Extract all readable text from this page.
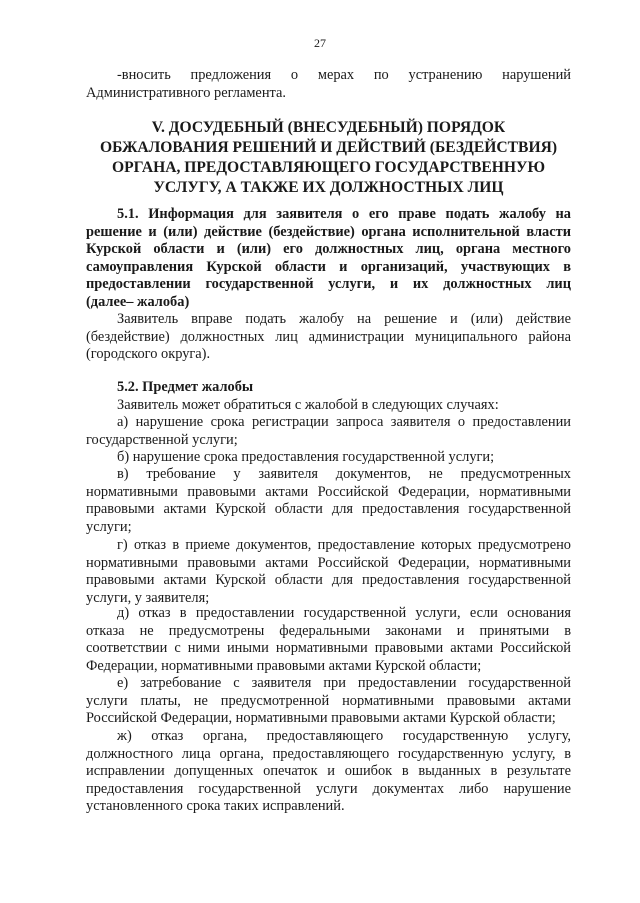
27
-вносить предложения о мерах по устранению нарушений
Административного регламента.
V. ДОСУДЕБНЫЙ (ВНЕСУДЕБНЫЙ) ПОРЯДОК
ОБЖАЛОВАНИЯ РЕШЕНИЙ И ДЕЙСТВИЙ (БЕЗДЕЙСТВИЯ)
ОРГАНА, ПРЕДОСТАВЛЯЮЩЕГО ГОСУДАРСТВЕННУЮ
УСЛУГУ, А ТАКЖЕ ИХ ДОЛЖНОСТНЫХ ЛИЦ
5.1. Информация для заявителя о его праве подать жалобу на
решение и (или) действие (бездействие) органа исполнительной власти
Курской области и (или) его должностных лиц, органа местного
самоуправления Курской области и организаций, участвующих в
предоставлении государственной услуги, и их должностных лиц
(далее– жалоба)
Заявитель вправе подать жалобу на решение и (или) действие
(бездействие) должностных лиц администрации муниципального района
(городского округа).
5.2. Предмет жалобы
Заявитель может обратиться с жалобой в следующих случаях:
а) нарушение срока регистрации запроса заявителя о предоставлении
государственной услуги;
б) нарушение срока предоставления государственной услуги;
в) требование у заявителя документов, не предусмотренных
нормативными правовыми актами Российской Федерации, нормативными
правовыми актами Курской области для предоставления государственной
услуги;
г) отказ в приеме документов, предоставление которых предусмотрено
нормативными правовыми актами Российской Федерации, нормативными
правовыми актами Курской области для предоставления государственной
услуги, у заявителя;
д) отказ в предоставлении государственной услуги, если основания
отказа не предусмотрены федеральными законами и принятыми в
соответствии с ними иными нормативными правовыми актами Российской
Федерации, нормативными правовыми актами Курской области;
е) затребование с заявителя при предоставлении государственной
услуги платы, не предусмотренной нормативными правовыми актами
Российской Федерации, нормативными правовыми актами Курской области;
ж) отказ органа, предоставляющего государственную услугу,
должностного лица органа, предоставляющего государственную услугу, в
исправлении допущенных опечаток и ошибок в выданных в результате
предоставления государственной услуги документах либо нарушение
установленного срока таких исправлений.
